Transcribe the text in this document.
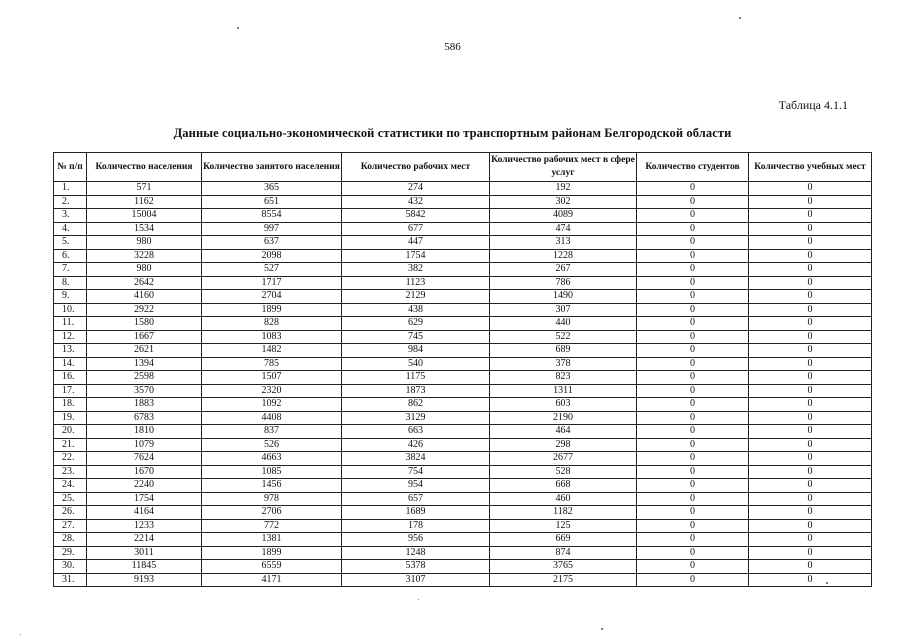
586
Таблица 4.1.1
Данные социально-экономической статистики по транспортным районам Белгородской области
№ п/п	Количество населения	Количество занятого населения	Количество рабочих мест	Количество рабочих мест в сфере услуг	Количество студентов	Количество учебных мест
1.	571	365	274	192	0	0
2.	1162	651	432	302	0	0
3.	15004	8554	5842	4089	0	0
4.	1534	997	677	474	0	0
5.	980	637	447	313	0	0
6.	3228	2098	1754	1228	0	0
7.	980	527	382	267	0	0
8.	2642	1717	1123	786	0	0
9.	4160	2704	2129	1490	0	0
10.	2922	1899	438	307	0	0
11.	1580	828	629	440	0	0
12.	1667	1083	745	522	0	0
13.	2621	1482	984	689	0	0
14.	1394	785	540	378	0	0
16.	2598	1507	1175	823	0	0
17.	3570	2320	1873	1311	0	0
18.	1883	1092	862	603	0	0
19.	6783	4408	3129	2190	0	0
20.	1810	837	663	464	0	0
21.	1079	526	426	298	0	0
22.	7624	4663	3824	2677	0	0
23.	1670	1085	754	528	0	0
24.	2240	1456	954	668	0	0
25.	1754	978	657	460	0	0
26.	4164	2706	1689	1182	0	0
27.	1233	772	178	125	0	0
28.	2214	1381	956	669	0	0
29.	3011	1899	1248	874	0	0
30.	11845	6559	5378	3765	0	0
31.	9193	4171	3107	2175	0	0
